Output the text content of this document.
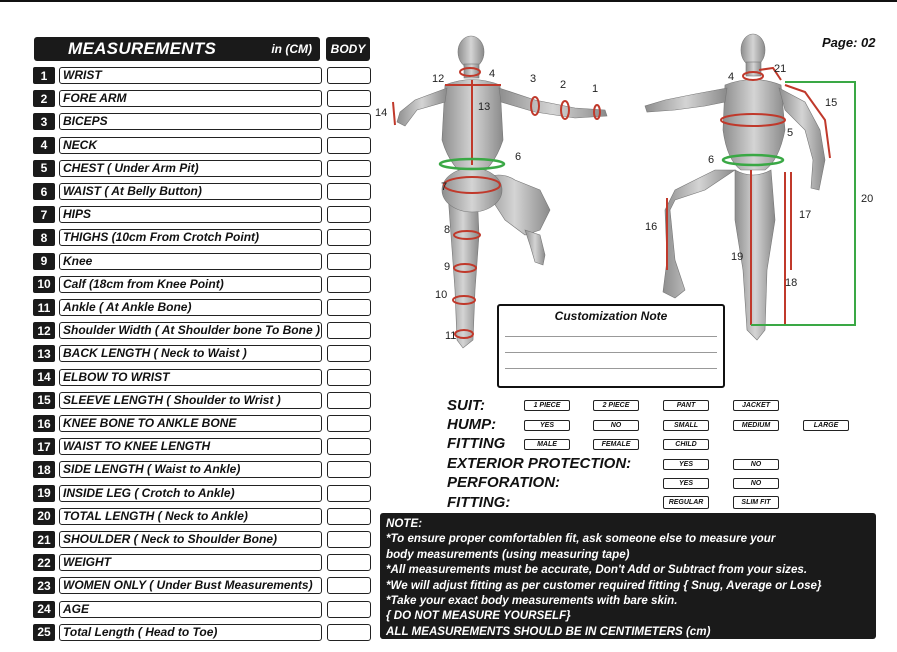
Page: 02
MEASUREMENTS	in (CM)	BODY
1	WRIST
2	FORE ARM
3	BICEPS
4	NECK
5	CHEST ( Under Arm Pit)
6	WAIST ( At Belly Button)
7	HIPS
8	THIGHS (10cm From Crotch Point)
9	Knee
10	Calf (18cm from Knee Point)
11	Ankle ( At Ankle Bone)
12	Shoulder Width ( At Shoulder bone To Bone )
13	BACK LENGTH ( Neck to Waist )
14	ELBOW TO WRIST
15	SLEEVE LENGTH ( Shoulder to Wrist )
16	KNEE BONE TO ANKLE BONE
17	WAIST TO KNEE LENGTH
18	SIDE LENGTH ( Waist to Ankle)
19	INSIDE LEG ( Crotch to Ankle)
20	TOTAL LENGTH ( Neck to Ankle)
21	SHOULDER ( Neck to Shoulder Bone)
22	WEIGHT
23	WOMEN ONLY ( Under Bust Measurements)
24	AGE
25	Total Length ( Head to Toe)
12	4	3 2 1
14	13
6
7
8
9
10
11
21
4
15
5
6
20
16
17
19
18
Customization Note
SUIT:	1 PIECE	2 PIECE	PANT	JACKET
HUMP:	YES	NO	SMALL	MEDIUM	LARGE
FITTING	MALE	FEMALE	CHILD
EXTERIOR PROTECTION:	YES	NO
PERFORATION:	YES	NO
FITTING:	REGULAR	SLIM FIT
NOTE:
*To ensure proper comfortablen fit, ask someone else to measure your
body measurements (using measuring tape)
*All measurements must be accurate, Don't Add or Subtract from your sizes.
*We will adjust fitting as per customer required fitting { Snug, Average or Lose}
*Take your exact body measurements with bare skin.
{ DO NOT MEASURE YOURSELF}
ALL MEASUREMENTS SHOULD BE IN CENTIMETERS (cm)
